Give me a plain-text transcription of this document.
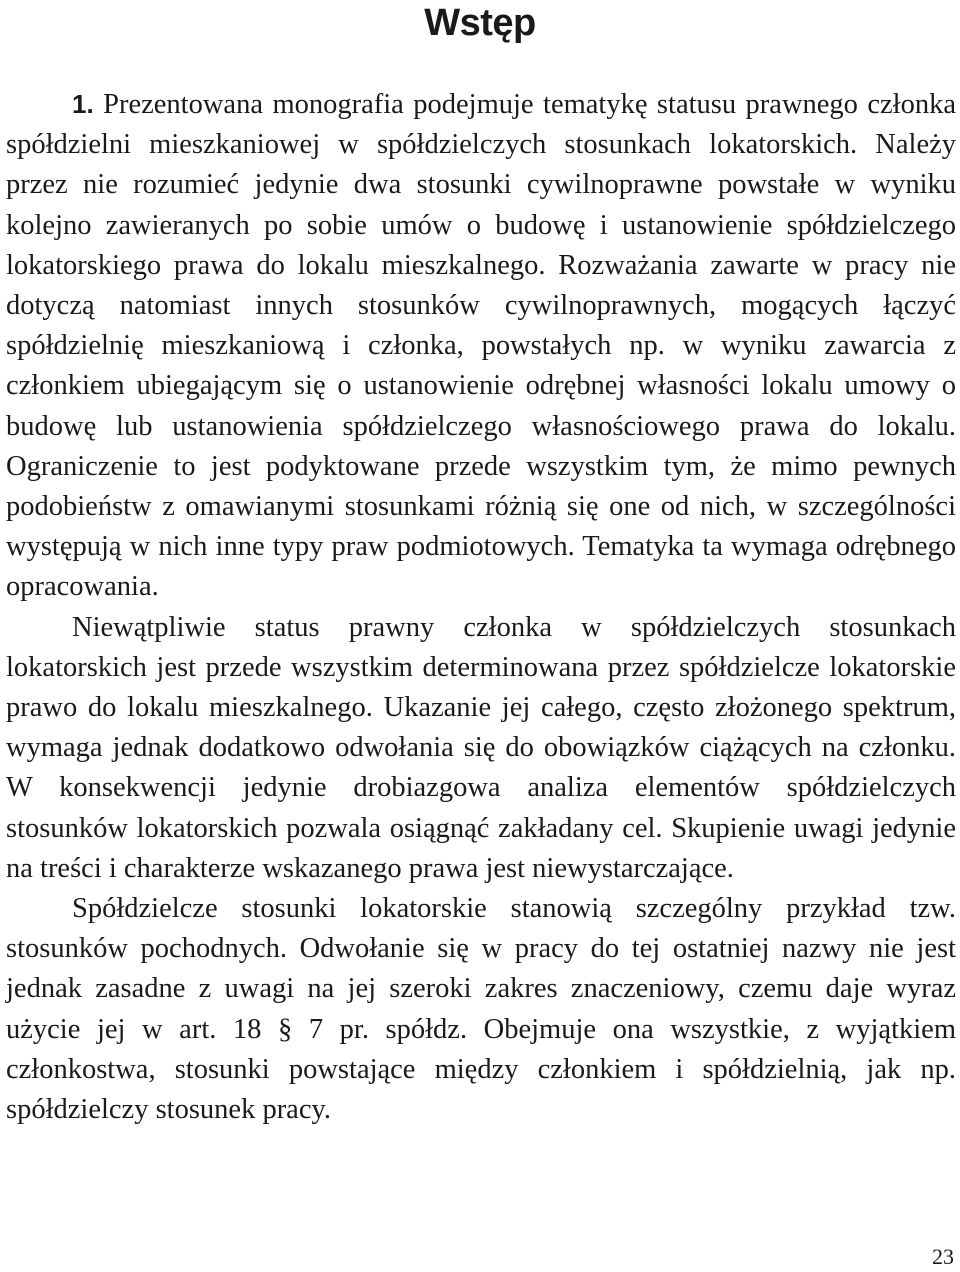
Wstęp

1. Prezentowana monografia podejmuje tematykę statusu prawnego członka spółdzielni mieszkaniowej w spółdzielczych stosunkach lokatorskich. Należy przez nie rozumieć jedynie dwa stosunki cywilnoprawne powstałe w wyniku kolejno zawieranych po sobie umów o budowę i ustanowienie spółdzielczego lokatorskiego prawa do lokalu mieszkalnego. Rozważania zawarte w pracy nie dotyczą natomiast innych stosunków cywilnoprawnych, mogących łączyć spółdzielnię mieszkaniową i członka, powstałych np. w wyniku zawarcia z członkiem ubiegającym się o ustanowienie odrębnej własności lokalu umowy o budowę lub ustanowienia spółdzielczego własnościowego prawa do lokalu. Ograniczenie to jest podyktowane przede wszystkim tym, że mimo pewnych podobieństw z omawianymi stosunkami różnią się one od nich, w szczególności występują w nich inne typy praw podmiotowych. Tematyka ta wymaga odrębnego opracowania.

Niewątpliwie status prawny członka w spółdzielczych stosunkach lokatorskich jest przede wszystkim determinowana przez spółdzielcze lokatorskie prawo do lokalu mieszkalnego. Ukazanie jej całego, często złożonego spektrum, wymaga jednak dodatkowo odwołania się do obowiązków ciążących na członku. W konsekwencji jedynie drobiazgowa analiza elementów spółdzielczych stosunków lokatorskich pozwala osiągnąć zakładany cel. Skupienie uwagi jedynie na treści i charakterze wskazanego prawa jest niewystarczające.

Spółdzielcze stosunki lokatorskie stanowią szczególny przykład tzw. stosunków pochodnych. Odwołanie się w pracy do tej ostatniej nazwy nie jest jednak zasadne z uwagi na jej szeroki zakres znaczeniowy, czemu daje wyraz użycie jej w art. 18 § 7 pr. spółdz. Obejmuje ona wszystkie, z wyjątkiem członkostwa, stosunki powstające między członkiem i spółdzielnią, jak np. spółdzielczy stosunek pracy.

23
